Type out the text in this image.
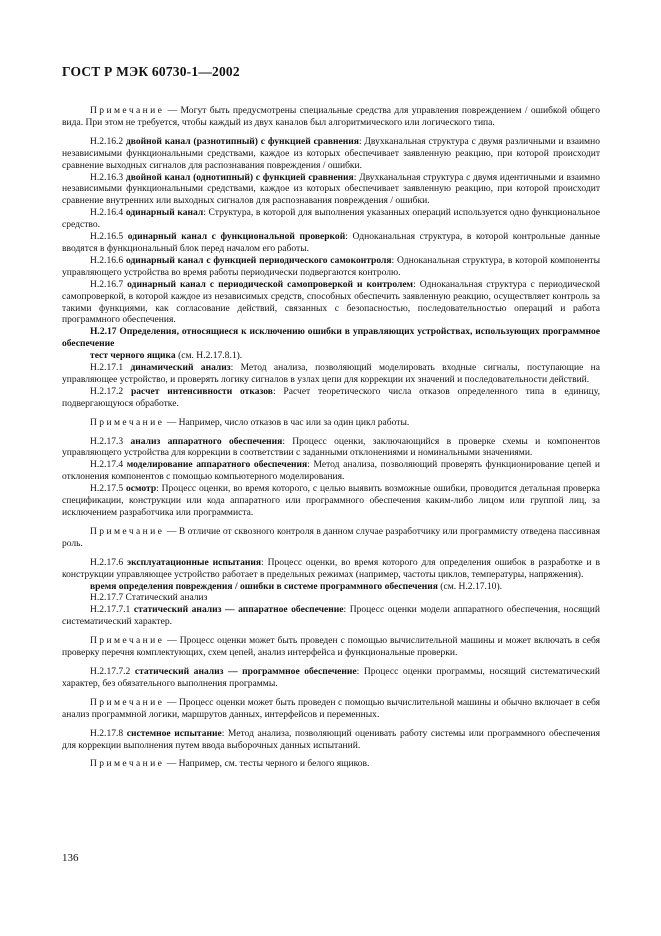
ГОСТ Р МЭК 60730-1—2002

Примечание — Могут быть предусмотрены специальные средства для управления повреждением / ошибкой общего вида. При этом не требуется, чтобы каждый из двух каналов был алгоритмического или логического типа.

Н.2.16.2 двойной канал (разнотипный) с функцией сравнения: Двухканальная структура с двумя различными и взаимно независимыми функциональными средствами, каждое из которых обеспечивает заявленную реакцию, при которой происходит сравнение выходных сигналов для распознавания повреждения / ошибки.

Н.2.16.3 двойной канал (однотипный) с функцией сравнения: Двухканальная структура с двумя идентичными и взаимно независимыми функциональными средствами, каждое из которых обеспечивает заявленную реакцию, при которой происходит сравнение внутренних или выходных сигналов для распознавания повреждения / ошибки.

Н.2.16.4 одинарный канал: Структура, в которой для выполнения указанных операций используется одно функциональное средство.

Н.2.16.5 одинарный канал с функциональной проверкой: Одноканальная структура, в которой контрольные данные вводятся в функциональный блок перед началом его работы.

Н.2.16.6 одинарный канал с функцией периодического самоконтроля: Одноканальная структура, в которой компоненты управляющего устройства во время работы периодически подвергаются контролю.

Н.2.16.7 одинарный канал с периодической самопроверкой и контролем: Одноканальная структура с периодической самопроверкой, в которой каждое из независимых средств, способных обеспечить заявленную реакцию, осуществляет контроль за такими функциями, как согласование действий, связанных с безопасностью, последовательностью операций и работа программного обеспечения.

Н.2.17 Определения, относящиеся к исключению ошибки в управляющих устройствах, использующих программное обеспечение

тест черного ящика (см. Н.2.17.8.1).

Н.2.17.1 динамический анализ: Метод анализа, позволяющий моделировать входные сигналы, поступающие на управляющее устройство, и проверять логику сигналов в узлах цепи для коррекции их значений и последовательности действий.

Н.2.17.2 расчет интенсивности отказов: Расчет теоретического числа отказов определенного типа в единицу, подвергающуюся обработке.

Примечание — Например, число отказов в час или за один цикл работы.

Н.2.17.3 анализ аппаратного обеспечения: Процесс оценки, заключающийся в проверке схемы и компонентов управляющего устройства для коррекции в соответствии с заданными отклонениями и номинальными значениями.

Н.2.17.4 моделирование аппаратного обеспечения: Метод анализа, позволяющий проверять функционирование цепей и отклонения компонентов с помощью компьютерного моделирования.

Н.2.17.5 осмотр: Процесс оценки, во время которого, с целью выявить возможные ошибки, проводится детальная проверка спецификации, конструкции или кода аппаратного или программного обеспечения каким-либо лицом или группой лиц, за исключением разработчика или программиста.

Примечание — В отличие от сквозного контроля в данном случае разработчику или программисту отведена пассивная роль.

Н.2.17.6 эксплуатационные испытания: Процесс оценки, во время которого для определения ошибок в разработке и в конструкции управляющее устройство работает в предельных режимах (например, частоты циклов, температуры, напряжения).

время определения повреждения / ошибки в системе программного обеспечения (см. Н.2.17.10).

Н.2.17.7 Статический анализ

Н.2.17.7.1 статический анализ — аппаратное обеспечение: Процесс оценки модели аппаратного обеспечения, носящий систематический характер.

Примечание — Процесс оценки может быть проведен с помощью вычислительной машины и может включать в себя проверку перечня комплектующих, схем цепей, анализ интерфейса и функциональные проверки.

Н.2.17.7.2 статический анализ — программное обеспечение: Процесс оценки программы, носящий систематический характер, без обязательного выполнения программы.

Примечание — Процесс оценки может быть проведен с помощью вычислительной машины и обычно включает в себя анализ программной логики, маршрутов данных, интерфейсов и переменных.

Н.2.17.8 системное испытание: Метод анализа, позволяющий оценивать работу системы или программного обеспечения для коррекции выполнения путем ввода выборочных данных испытаний.

Примечание — Например, см. тесты черного и белого ящиков.

136
